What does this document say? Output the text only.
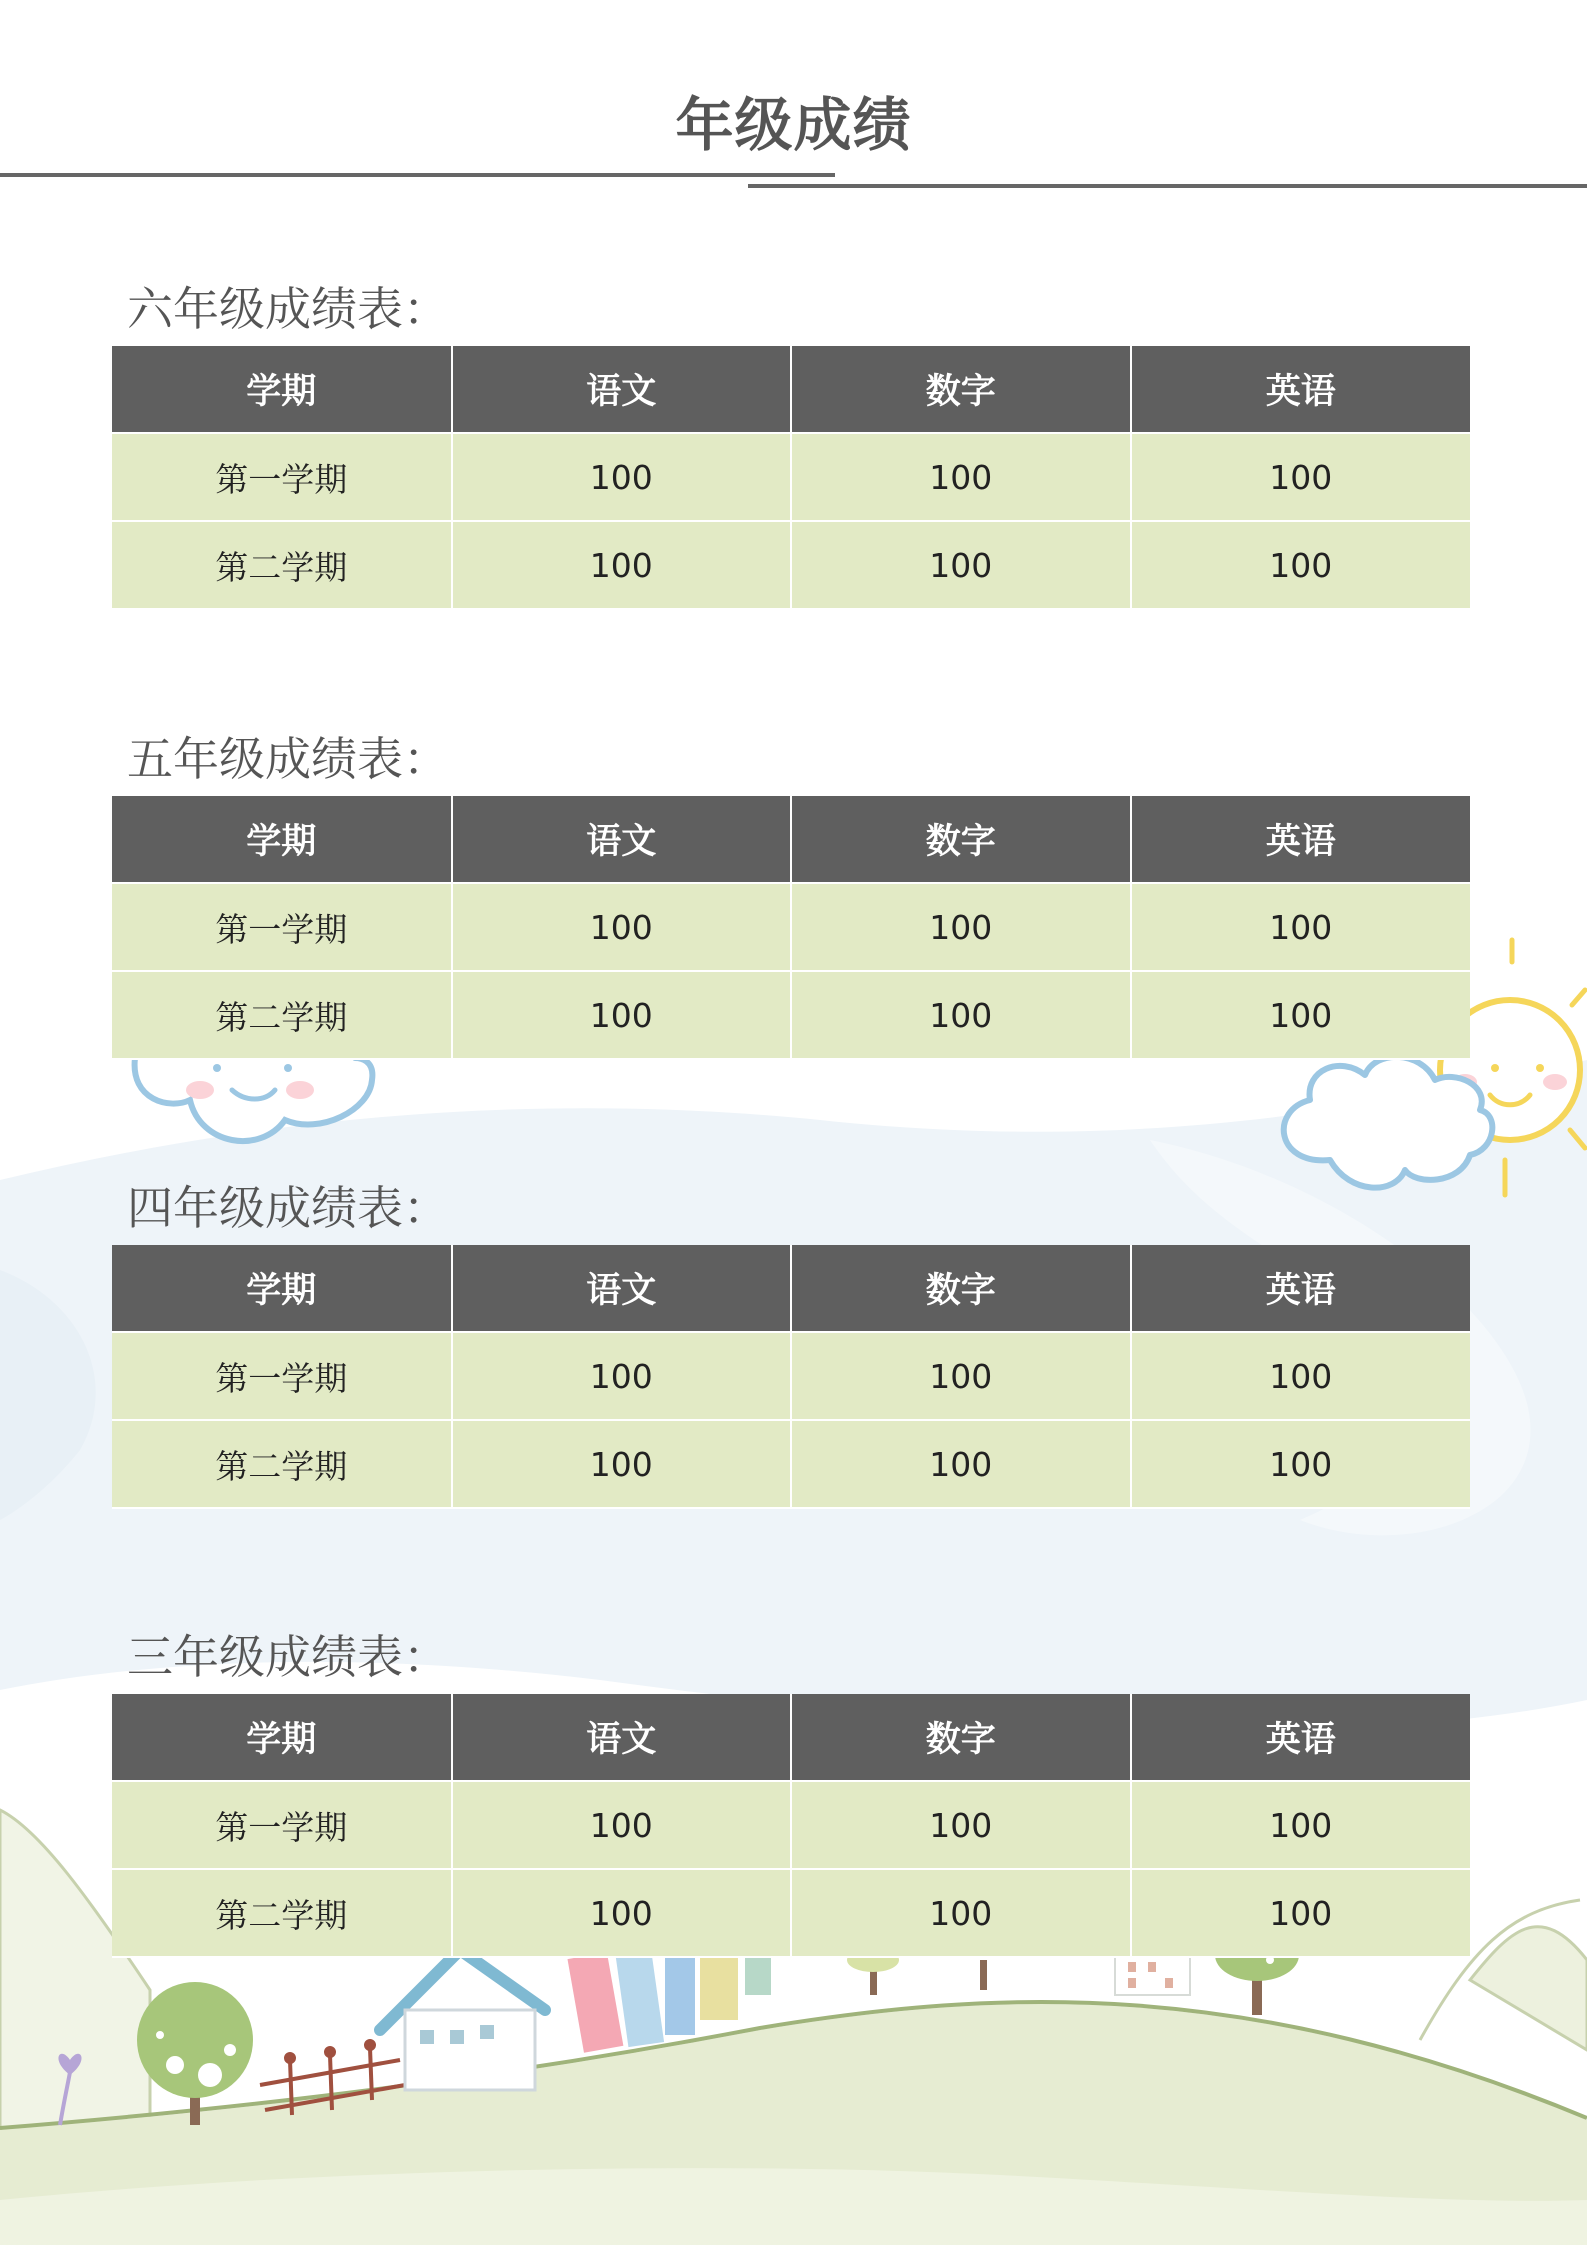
年级成绩
六年级成绩表：
学期	语文	数字	英语
第一学期	100	100	100
第二学期	100	100	100
五年级成绩表：
学期	语文	数字	英语
第一学期	100	100	100
第二学期	100	100	100
四年级成绩表：
学期	语文	数字	英语
第一学期	100	100	100
第二学期	100	100	100
三年级成绩表：
学期	语文	数字	英语
第一学期	100	100	100
第二学期	100	100	100
